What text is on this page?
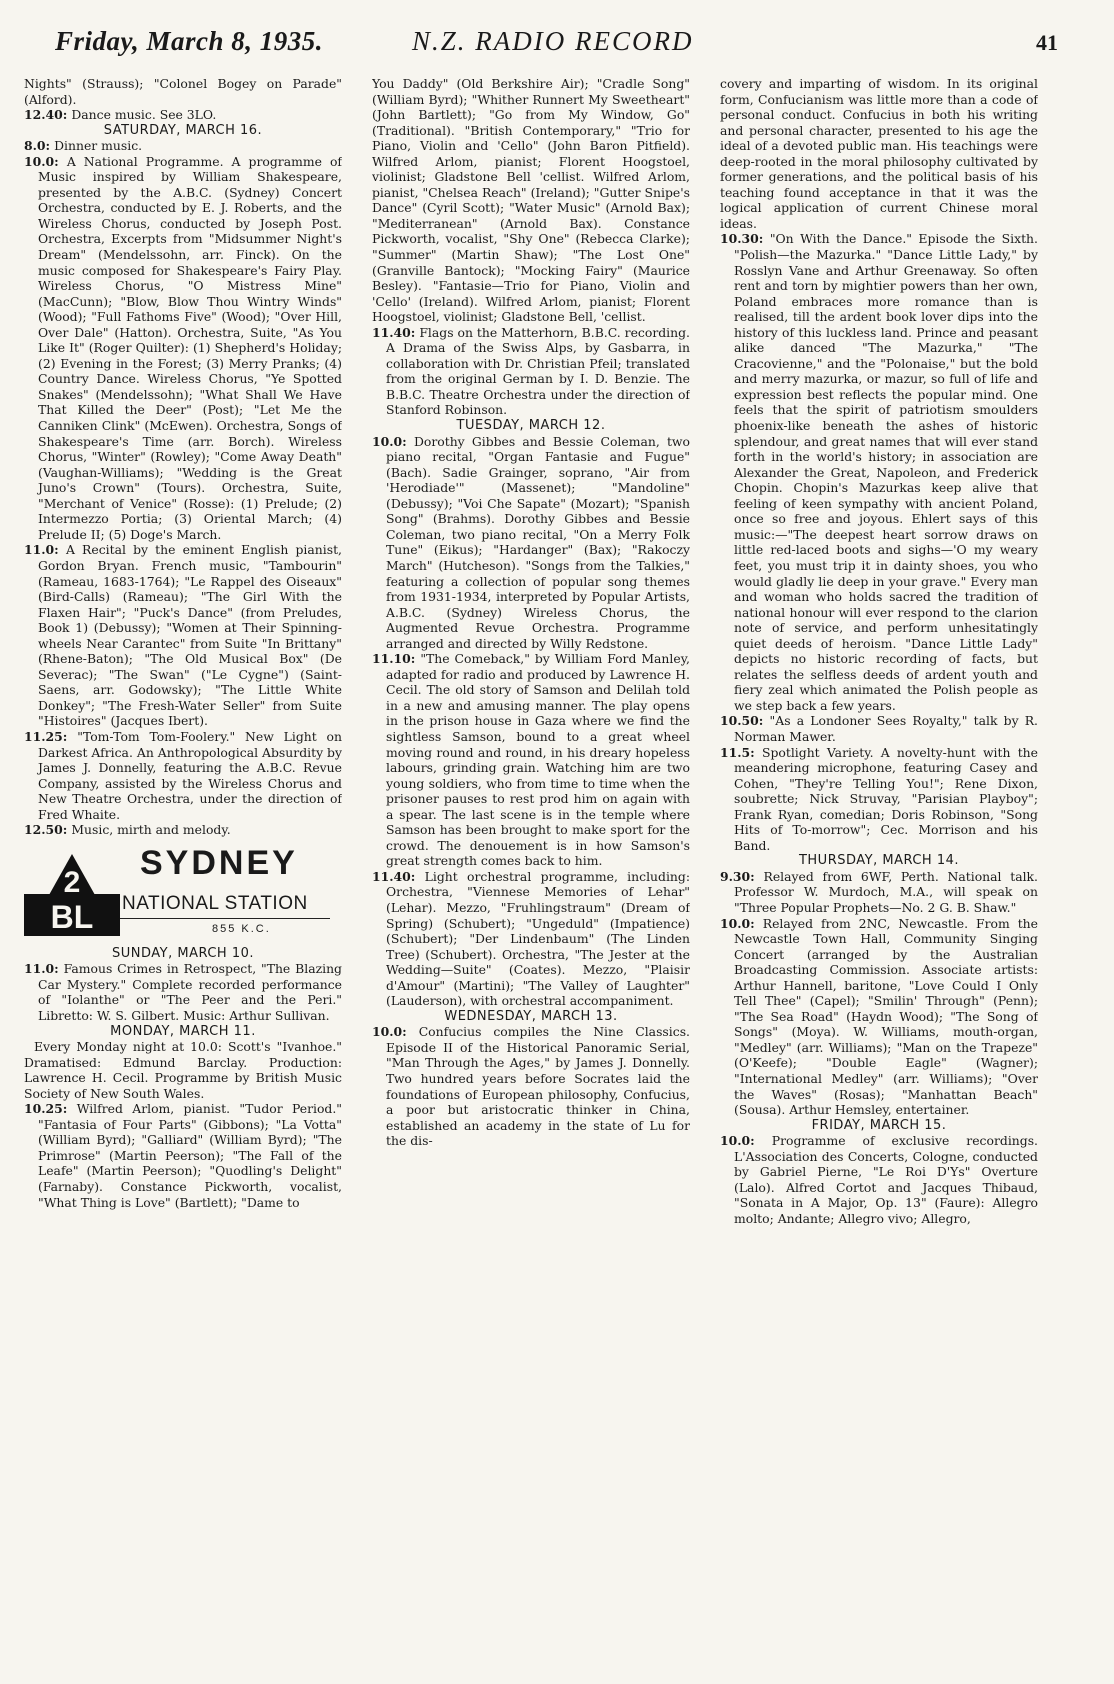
Friday, March 8, 1935.	N.Z. RADIO RECORD	41

Nights" (Strauss); "Colonel Bogey on Parade" (Alford).

12.40: Dance music. See 3LO.

SATURDAY, MARCH 16.

8.0: Dinner music.

10.0: A National Programme. A programme of Music inspired by William Shakespeare, presented by the A.B.C. (Sydney) Concert Orchestra, conducted by E. J. Roberts, and the Wireless Chorus, conducted by Joseph Post. Orchestra, Excerpts from "Midsummer Night's Dream" (Mendelssohn, arr. Finck). On the music composed for Shakespeare's Fairy Play. Wireless Chorus, "O Mistress Mine" (MacCunn); "Blow, Blow Thou Wintry Winds" (Wood); "Full Fathoms Five" (Wood); "Over Hill, Over Dale" (Hatton). Orchestra, Suite, "As You Like It" (Roger Quilter): (1) Shepherd's Holiday; (2) Evening in the Forest; (3) Merry Pranks; (4) Country Dance. Wireless Chorus, "Ye Spotted Snakes" (Mendelssohn); "What Shall We Have That Killed the Deer" (Post); "Let Me the Canniken Clink" (McEwen). Orchestra, Songs of Shakespeare's Time (arr. Borch). Wireless Chorus, "Winter" (Rowley); "Come Away Death" (Vaughan-Williams); "Wedding is the Great Juno's Crown" (Tours). Orchestra, Suite, "Merchant of Venice" (Rosse): (1) Prelude; (2) Intermezzo Portia; (3) Oriental March; (4) Prelude II; (5) Doge's March.

11.0: A Recital by the eminent English pianist, Gordon Bryan. French music, "Tambourin" (Rameau, 1683-1764); "Le Rappel des Oiseaux" (Bird-Calls) (Rameau); "The Girl With the Flaxen Hair"; "Puck's Dance" (from Preludes, Book 1) (Debussy); "Women at Their Spinning-wheels Near Carantec" from Suite "In Brittany" (Rhene-Baton); "The Old Musical Box" (De Severac); "The Swan" ("Le Cygne") (Saint-Saens, arr. Godowsky); "The Little White Donkey"; "The Fresh-Water Seller" from Suite "Histoires" (Jacques Ibert).

11.25: "Tom-Tom Tom-Foolery." New Light on Darkest Africa. An Anthropological Absurdity by James J. Donnelly, featuring the A.B.C. Revue Company, assisted by the Wireless Chorus and New Theatre Orchestra, under the direction of Fred Whaite.

12.50: Music, mirth and melody.

2
BL
SYDNEY
NATIONAL STATION
855 K.C.

SUNDAY, MARCH 10.

11.0: Famous Crimes in Retrospect, "The Blazing Car Mystery." Complete recorded performance of "Iolanthe" or "The Peer and the Peri." Libretto: W. S. Gilbert. Music: Arthur Sullivan.

MONDAY, MARCH 11.

Every Monday night at 10.0: Scott's "Ivanhoe." Dramatised: Edmund Barclay. Production: Lawrence H. Cecil. Programme by British Music Society of New South Wales.

10.25: Wilfred Arlom, pianist. "Tudor Period." "Fantasia of Four Parts" (Gibbons); "La Votta" (William Byrd); "Galliard" (William Byrd); "The Primrose" (Martin Peerson); "The Fall of the Leafe" (Martin Peerson); "Quodling's Delight" (Farnaby). Constance Pickworth, vocalist, "What Thing is Love" (Bartlett); "Dame to

You Daddy" (Old Berkshire Air); "Cradle Song" (William Byrd); "Whither Runnert My Sweetheart" (John Bartlett); "Go from My Window, Go" (Traditional). "British Contemporary," "Trio for Piano, Violin and 'Cello" (John Baron Pitfield). Wilfred Arlom, pianist; Florent Hoogstoel, violinist; Gladstone Bell 'cellist. Wilfred Arlom, pianist, "Chelsea Reach" (Ireland); "Gutter Snipe's Dance" (Cyril Scott); "Water Music" (Arnold Bax); "Mediterranean" (Arnold Bax). Constance Pickworth, vocalist, "Shy One" (Rebecca Clarke); "Summer" (Martin Shaw); "The Lost One" (Granville Bantock); "Mocking Fairy" (Maurice Besley). "Fantasie—Trio for Piano, Violin and 'Cello' (Ireland). Wilfred Arlom, pianist; Florent Hoogstoel, violinist; Gladstone Bell, 'cellist.

11.40: Flags on the Matterhorn, B.B.C. recording. A Drama of the Swiss Alps, by Gasbarra, in collaboration with Dr. Christian Pfeil; translated from the original German by I. D. Benzie. The B.B.C. Theatre Orchestra under the direction of Stanford Robinson.

TUESDAY, MARCH 12.

10.0: Dorothy Gibbes and Bessie Coleman, two piano recital, "Organ Fantasie and Fugue" (Bach). Sadie Grainger, soprano, "Air from 'Herodiade'" (Massenet); "Mandoline" (Debussy); "Voi Che Sapate" (Mozart); "Spanish Song" (Brahms). Dorothy Gibbes and Bessie Coleman, two piano recital, "On a Merry Folk Tune" (Eikus); "Hardanger" (Bax); "Rakoczy March" (Hutcheson). "Songs from the Talkies," featuring a collection of popular song themes from 1931-1934, interpreted by Popular Artists, A.B.C. (Sydney) Wireless Chorus, the Augmented Revue Orchestra. Programme arranged and directed by Willy Redstone.

11.10: "The Comeback," by William Ford Manley, adapted for radio and produced by Lawrence H. Cecil. The old story of Samson and Delilah told in a new and amusing manner. The play opens in the prison house in Gaza where we find the sightless Samson, bound to a great wheel moving round and round, in his dreary hopeless labours, grinding grain. Watching him are two young soldiers, who from time to time when the prisoner pauses to rest prod him on again with a spear. The last scene is in the temple where Samson has been brought to make sport for the crowd. The denouement is in how Samson's great strength comes back to him.

11.40: Light orchestral programme, including: Orchestra, "Viennese Memories of Lehar" (Lehar). Mezzo, "Fruhlingstraum" (Dream of Spring) (Schubert); "Ungeduld" (Impatience) (Schubert); "Der Lindenbaum" (The Linden Tree) (Schubert). Orchestra, "The Jester at the Wedding—Suite" (Coates). Mezzo, "Plaisir d'Amour" (Martini); "The Valley of Laughter" (Lauderson), with orchestral accompaniment.

WEDNESDAY, MARCH 13.

10.0: Confucius compiles the Nine Classics. Episode II of the Historical Panoramic Serial, "Man Through the Ages," by James J. Donnelly. Two hundred years before Socrates laid the foundations of European philosophy, Confucius, a poor but aristocratic thinker in China, established an academy in the state of Lu for the dis-

covery and imparting of wisdom. In its original form, Confucianism was little more than a code of personal conduct. Confucius in both his writing and personal character, presented to his age the ideal of a devoted public man. His teachings were deep-rooted in the moral philosophy cultivated by former generations, and the political basis of his teaching found acceptance in that it was the logical application of current Chinese moral ideas.

10.30: "On With the Dance." Episode the Sixth. "Polish—the Mazurka." "Dance Little Lady," by Rosslyn Vane and Arthur Greenaway. So often rent and torn by mightier powers than her own, Poland embraces more romance than is realised, till the ardent book lover dips into the history of this luckless land. Prince and peasant alike danced "The Mazurka," "The Cracovienne," and the "Polonaise," but the bold and merry mazurka, or mazur, so full of life and expression best reflects the popular mind. One feels that the spirit of patriotism smoulders phoenix-like beneath the ashes of historic splendour, and great names that will ever stand forth in the world's history; in association are Alexander the Great, Napoleon, and Frederick Chopin. Chopin's Mazurkas keep alive that feeling of keen sympathy with ancient Poland, once so free and joyous. Ehlert says of this music:—"The deepest heart sorrow draws on little red-laced boots and sighs—'O my weary feet, you must trip it in dainty shoes, you who would gladly lie deep in your grave." Every man and woman who holds sacred the tradition of national honour will ever respond to the clarion note of service, and perform unhesitatingly quiet deeds of heroism. "Dance Little Lady" depicts no historic recording of facts, but relates the selfless deeds of ardent youth and fiery zeal which animated the Polish people as we step back a few years.

10.50: "As a Londoner Sees Royalty," talk by R. Norman Mawer.

11.5: Spotlight Variety. A novelty-hunt with the meandering microphone, featuring Casey and Cohen, "They're Telling You!"; Rene Dixon, soubrette; Nick Struvay, "Parisian Playboy"; Frank Ryan, comedian; Doris Robinson, "Song Hits of To-morrow"; Cec. Morrison and his Band.

THURSDAY, MARCH 14.

9.30: Relayed from 6WF, Perth. National talk. Professor W. Murdoch, M.A., will speak on "Three Popular Prophets—No. 2 G. B. Shaw."

10.0: Relayed from 2NC, Newcastle. From the Newcastle Town Hall, Community Singing Concert (arranged by the Australian Broadcasting Commission. Associate artists: Arthur Hannell, baritone, "Love Could I Only Tell Thee" (Capel); "Smilin' Through" (Penn); "The Sea Road" (Haydn Wood); "The Song of Songs" (Moya). W. Williams, mouth-organ, "Medley" (arr. Williams); "Man on the Trapeze" (O'Keefe); "Double Eagle" (Wagner); "International Medley" (arr. Williams); "Over the Waves" (Rosas); "Manhattan Beach" (Sousa). Arthur Hemsley, entertainer.

FRIDAY, MARCH 15.

10.0: Programme of exclusive recordings. L'Association des Concerts, Cologne, conducted by Gabriel Pierne, "Le Roi D'Ys" Overture (Lalo). Alfred Cortot and Jacques Thibaud, "Sonata in A Major, Op. 13" (Faure): Allegro molto; Andante; Allegro vivo; Allegro,
